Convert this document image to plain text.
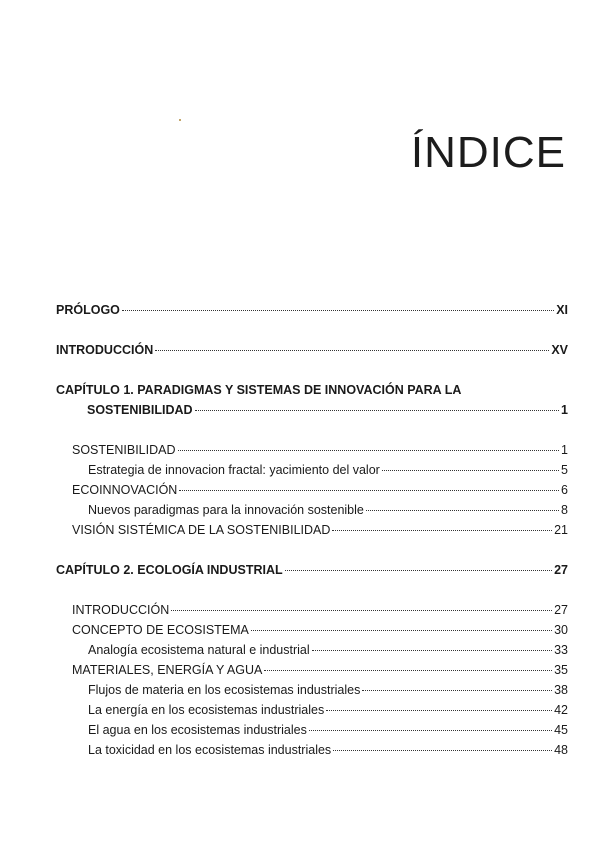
ÍNDICE
PRÓLOGO	XI
INTRODUCCIÓN	XV
CAPÍTULO 1. PARADIGMAS Y SISTEMAS DE INNOVACIÓN PARA LA
SOSTENIBILIDAD	1
SOSTENIBILIDAD	1
Estrategia de innovacion fractal: yacimiento del valor	5
ECOINNOVACIÓN	6
Nuevos paradigmas para la innovación sostenible	8
VISIÓN SISTÉMICA DE LA SOSTENIBILIDAD	21
CAPÍTULO 2. ECOLOGÍA INDUSTRIAL	27
INTRODUCCIÓN	27
CONCEPTO DE ECOSISTEMA	30
Analogía ecosistema natural e industrial	33
MATERIALES, ENERGÍA Y AGUA	35
Flujos de materia en los ecosistemas industriales	38
La energía en los ecosistemas industriales	42
El agua en los ecosistemas industriales	45
La toxicidad en los ecosistemas industriales	48
